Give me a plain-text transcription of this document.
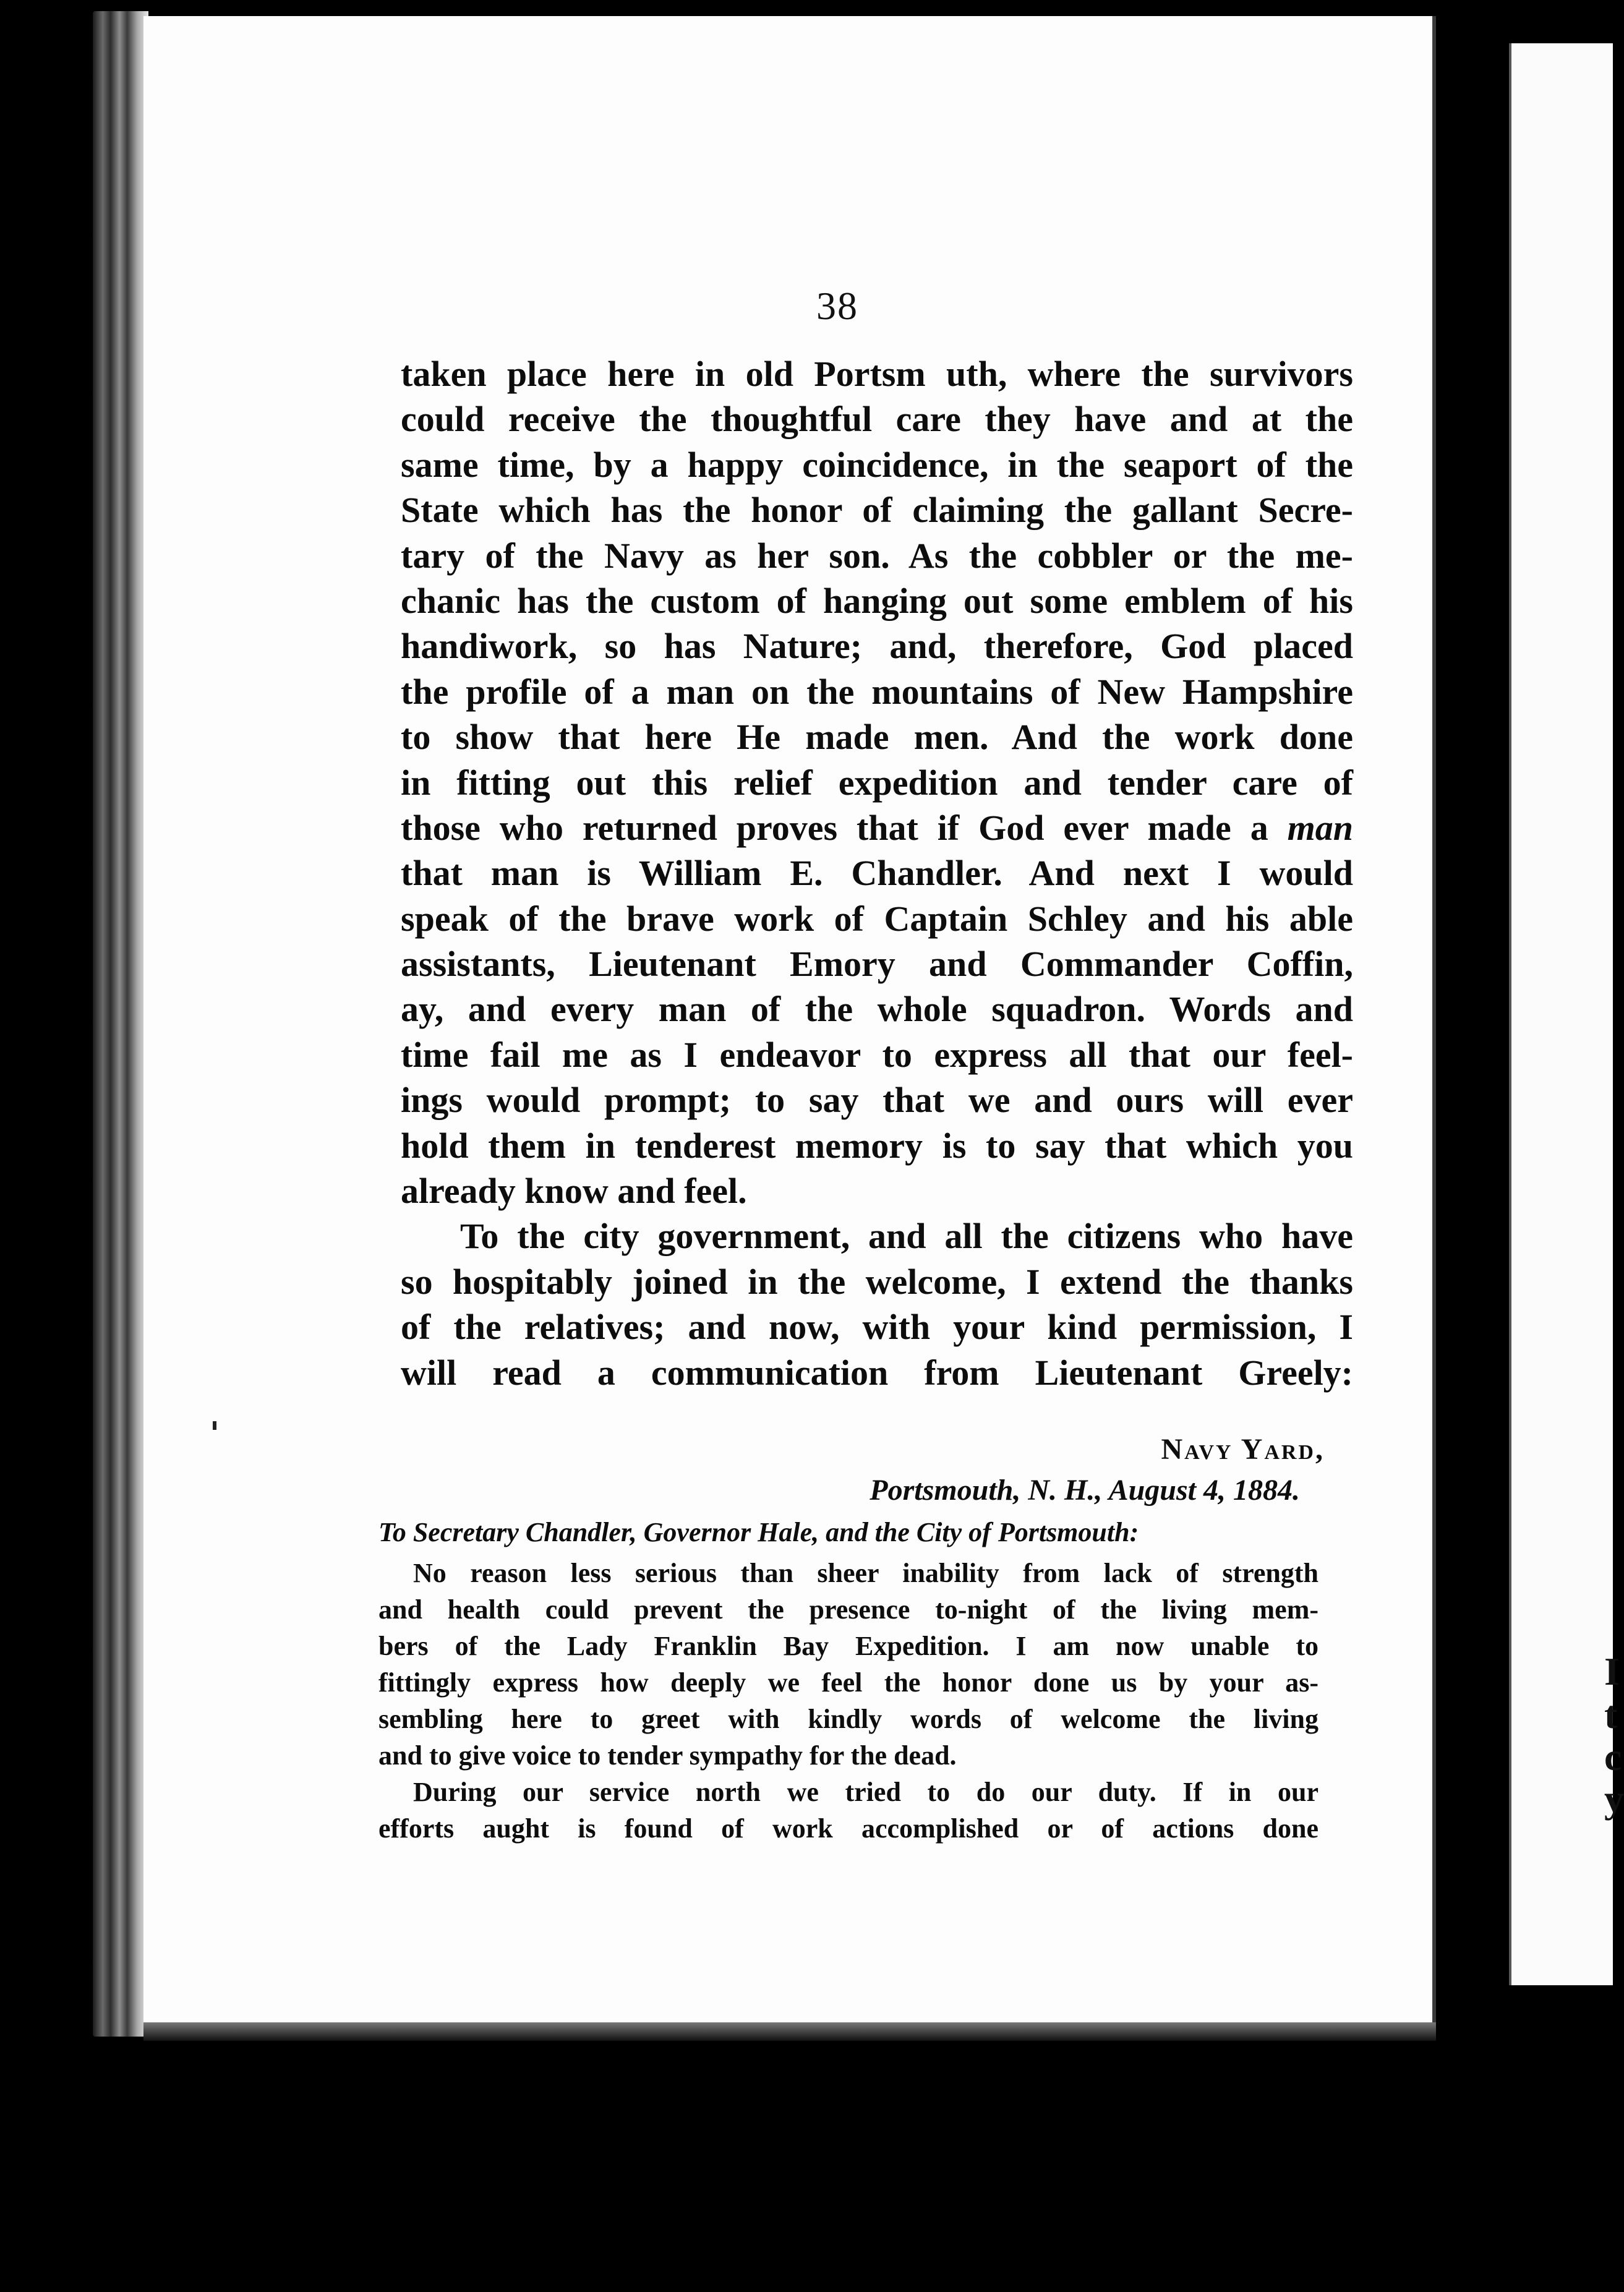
I
t
c
y
38
taken place here in old Portsm uth, where the survivors
could receive the thoughtful care they have and at the
same time, by a happy coincidence, in the seaport of the
State which has the honor of claiming the gallant Secre-
tary of the Navy as her son. As the cobbler or the me-
chanic has the custom of hanging out some emblem of his
handiwork, so has Nature; and, therefore, God placed
the profile of a man on the mountains of New Hampshire
to show that here He made men. And the work done
in fitting out this relief expedition and tender care of
those who returned proves that if God ever made a man
that man is William E. Chandler. And next I would
speak of the brave work of Captain Schley and his able
assistants, Lieutenant Emory and Commander Coffin,
ay, and every man of the whole squadron. Words and
time fail me as I endeavor to express all that our feel-
ings would prompt; to say that we and ours will ever
hold them in tenderest memory is to say that which you
already know and feel.
To the city government, and all the citizens who have
so hospitably joined in the welcome, I extend the thanks
of the relatives; and now, with your kind permission, I
will read a communication from Lieutenant Greely:
Navy Yard,
Portsmouth, N. H., August 4, 1884.
To Secretary Chandler, Governor Hale, and the City of Portsmouth:
No reason less serious than sheer inability from lack of strength
and health could prevent the presence to-night of the living mem-
bers of the Lady Franklin Bay Expedition. I am now unable to
fittingly express how deeply we feel the honor done us by your as-
sembling here to greet with kindly words of welcome the living
and to give voice to tender sympathy for the dead.
During our service north we tried to do our duty. If in our
efforts aught is found of work accomplished or of actions done
